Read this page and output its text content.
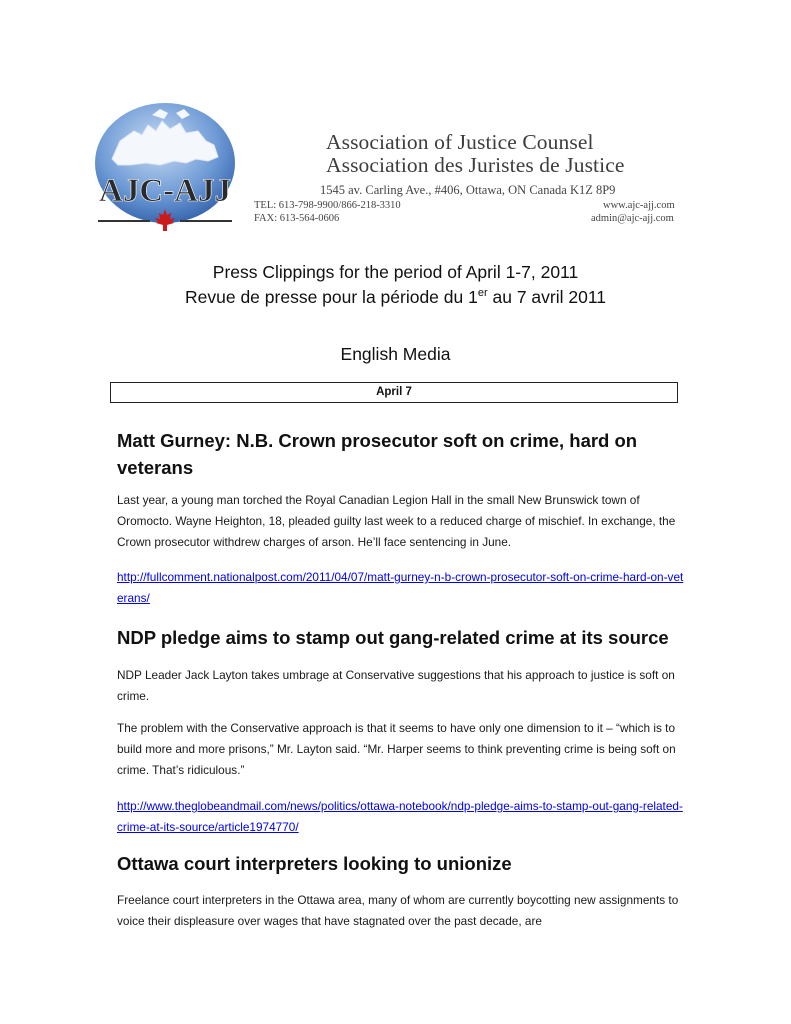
AJC-AJJ
Association of Justice Counsel
Association des Juristes de Justice
1545 av. Carling Ave., #406, Ottawa, ON Canada K1Z 8P9
TEL: 613-798-9900/866-218-3310
FAX: 613-564-0606
www.ajc-ajj.com
admin@ajc-ajj.com
Press Clippings for the period of April 1-7, 2011
Revue de presse pour la période du 1er au 7 avril 2011
English Media
April 7
Matt Gurney: N.B. Crown prosecutor soft on crime, hard on veterans
Last year, a young man torched the Royal Canadian Legion Hall in the small New Brunswick town of Oromocto. Wayne Heighton, 18, pleaded guilty last week to a reduced charge of mischief. In exchange, the Crown prosecutor withdrew charges of arson. He’ll face sentencing in June.
http://fullcomment.nationalpost.com/2011/04/07/matt-gurney-n-b-crown-prosecutor-soft-on-crime-hard-on-veterans/
NDP pledge aims to stamp out gang-related crime at its source
NDP Leader Jack Layton takes umbrage at Conservative suggestions that his approach to justice is soft on crime.
The problem with the Conservative approach is that it seems to have only one dimension to it – “which is to build more and more prisons,” Mr. Layton said. “Mr. Harper seems to think preventing crime is being soft on crime. That’s ridiculous.”
http://www.theglobeandmail.com/news/politics/ottawa-notebook/ndp-pledge-aims-to-stamp-out-gang-related-crime-at-its-source/article1974770/
Ottawa court interpreters looking to unionize
Freelance court interpreters in the Ottawa area, many of whom are currently boycotting new assignments to voice their displeasure over wages that have stagnated over the past decade, are
